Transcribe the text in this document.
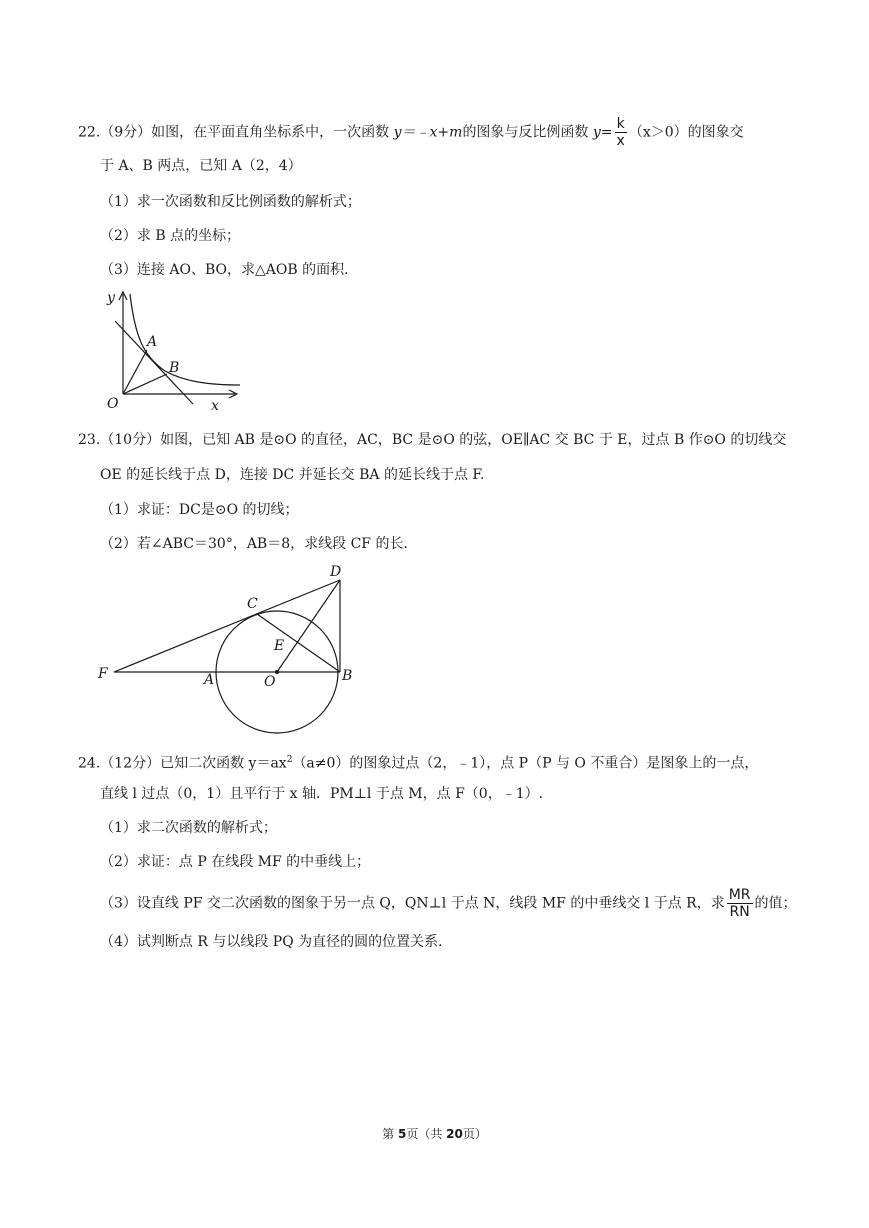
22.（9分）如图，在平面直角坐标系中，一次函数 y＝﹣x+m的图象与反比例函数 $y= \frac{k}{x} (x>0)$的图象交
于 A、B 两点，已知 A（2，4）
（1）求一次函数和反比例函数的解析式；
（2）求 B 点的坐标；
（3）连接 AO、BO，求△AOB 的面积．
y
x
O
A
B
23.（10分）如图，已知 AB 是⊙O 的直径，AC，BC 是⊙O 的弦，OE∥AC 交 BC 于 E，过点 B 作⊙O 的切线交
OE 的延长线于点 D，连接 DC 并延长交 BA 的延长线于点 F.
（1）求证：DC是⊙O 的切线；
（2）若∠ABC＝30°，AB＝8，求线段 CF 的长．
D
C
E
F	A	O	B
24.（12分）已知二次函数 $y=ax^2(a\ne 0)$的图象过点（2，﹣1），点 P（P 与 O 不重合）是图象上的一点，
直线 l 过点（0，1）且平行于 x 轴．PM⊥l 于点 M，点 F（0，﹣1）.
（1）求二次函数的解析式；
（2）求证：点 P 在线段 MF 的中垂线上；
（3）设直线 PF 交二次函数的图象于另一点 Q，QN⊥l 于点 N，线段 MF 的中垂线交 l 于点 R，求 $\frac{MR}{RN}$ 的值；
（4）试判断点 R 与以线段 PQ 为直径的圆的位置关系．
第 5页（共 20页）
